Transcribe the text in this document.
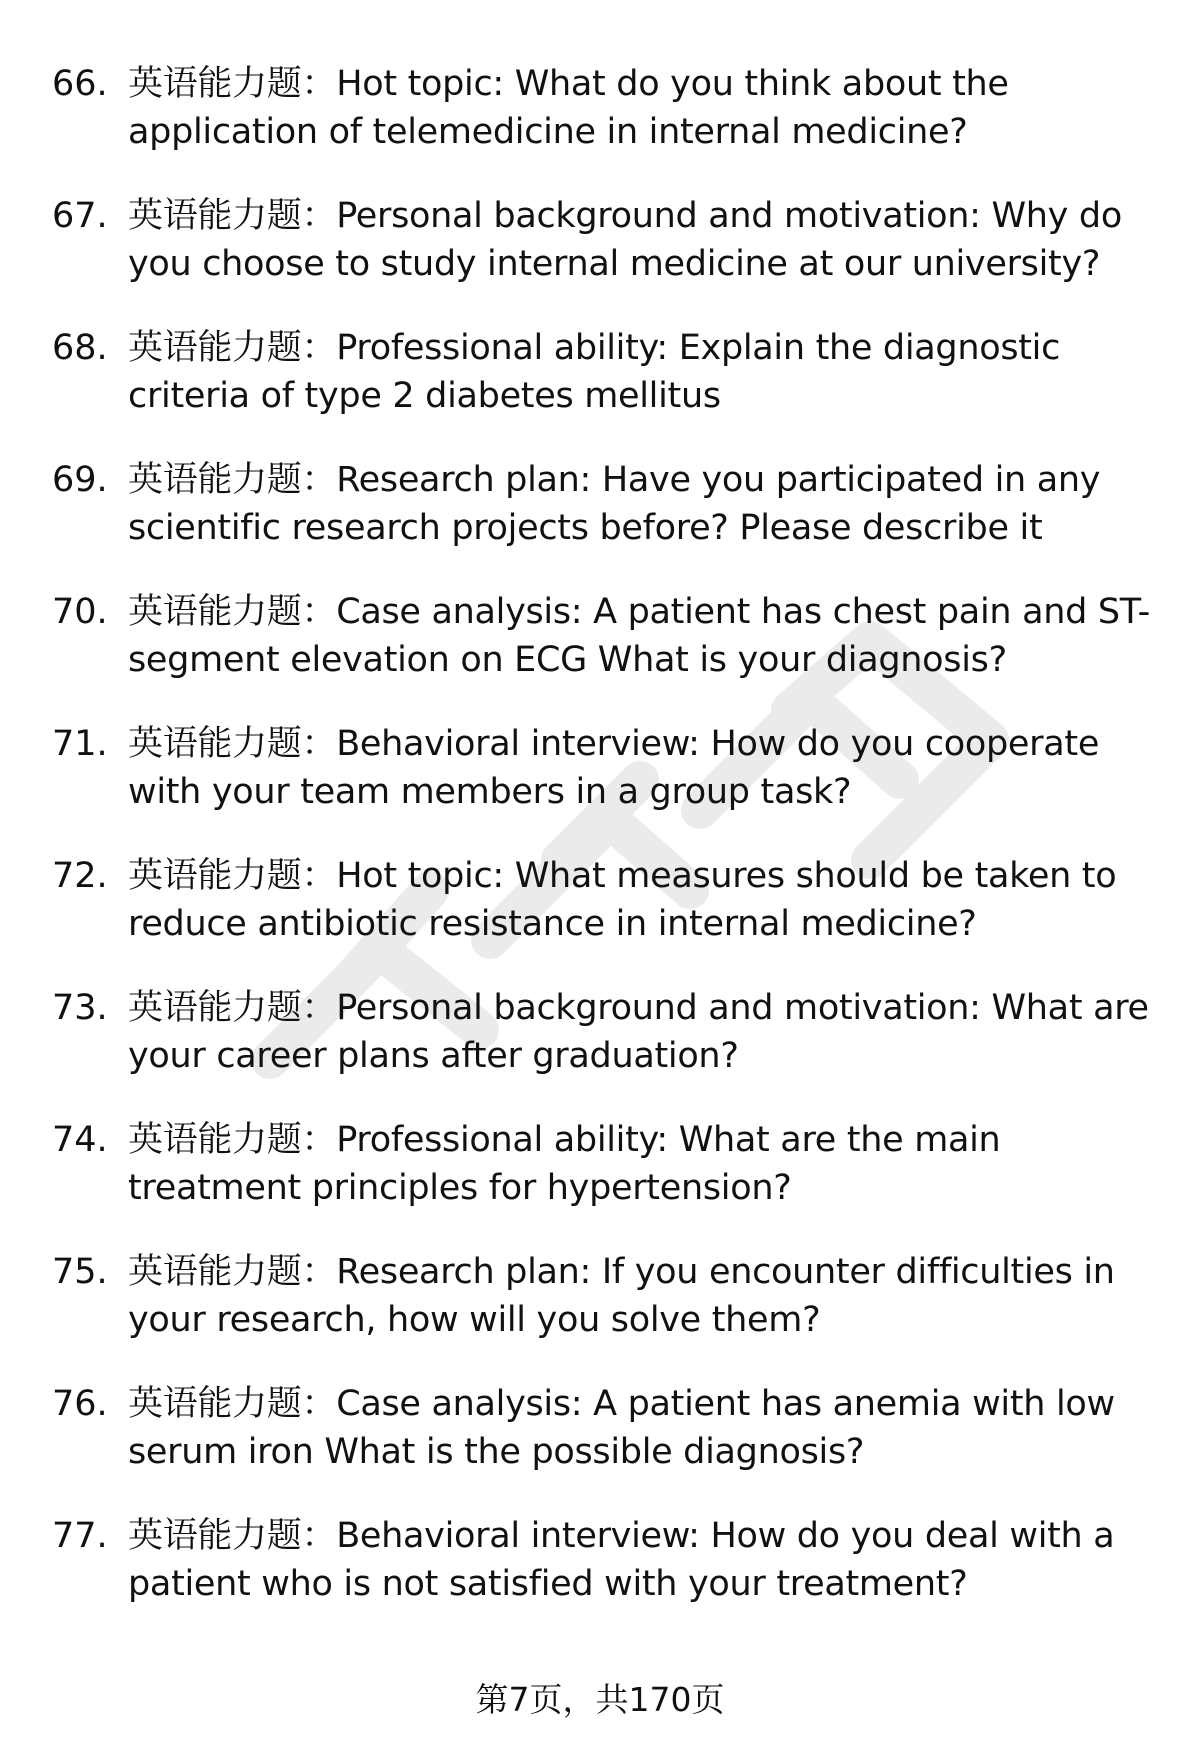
66. 英语能力题：Hot topic: What do you think about the application of telemedicine in internal medicine?
67. 英语能力题：Personal background and motivation: Why do you choose to study internal medicine at our university?
68. 英语能力题：Professional ability: Explain the diagnostic criteria of type 2 diabetes mellitus
69. 英语能力题：Research plan: Have you participated in any scientific research projects before? Please describe it
70. 英语能力题：Case analysis: A patient has chest pain and ST-segment elevation on ECG What is your diagnosis?
71. 英语能力题：Behavioral interview: How do you cooperate with your team members in a group task?
72. 英语能力题：Hot topic: What measures should be taken to reduce antibiotic resistance in internal medicine?
73. 英语能力题：Personal background and motivation: What are your career plans after graduation?
74. 英语能力题：Professional ability: What are the main treatment principles for hypertension?
75. 英语能力题：Research plan: If you encounter difficulties in your research, how will you solve them?
76. 英语能力题：Case analysis: A patient has anemia with low serum iron What is the possible diagnosis?
77. 英语能力题：Behavioral interview: How do you deal with a patient who is not satisfied with your treatment?
第7页，共170页
